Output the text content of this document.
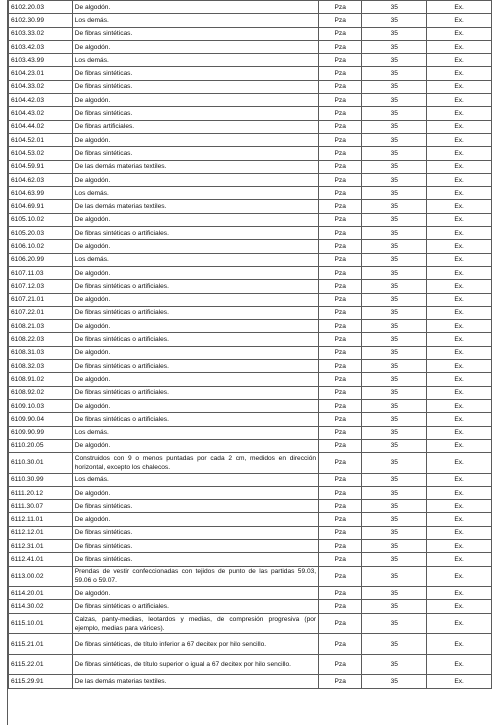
6102.20.03	De algodón.	Pza	35	Ex.
6102.30.99	Los demás.	Pza	35	Ex.
6103.33.02	De fibras sintéticas.	Pza	35	Ex.
6103.42.03	De algodón.	Pza	35	Ex.
6103.43.99	Los demás.	Pza	35	Ex.
6104.23.01	De fibras sintéticas.	Pza	35	Ex.
6104.33.02	De fibras sintéticas.	Pza	35	Ex.
6104.42.03	De algodón.	Pza	35	Ex.
6104.43.02	De fibras sintéticas.	Pza	35	Ex.
6104.44.02	De fibras artificiales.	Pza	35	Ex.
6104.52.01	De algodón.	Pza	35	Ex.
6104.53.02	De fibras sintéticas.	Pza	35	Ex.
6104.59.91	De las demás materias textiles.	Pza	35	Ex.
6104.62.03	De algodón.	Pza	35	Ex.
6104.63.99	Los demás.	Pza	35	Ex.
6104.69.91	De las demás materias textiles.	Pza	35	Ex.
6105.10.02	De algodón.	Pza	35	Ex.
6105.20.03	De fibras sintéticas o artificiales.	Pza	35	Ex.
6106.10.02	De algodón.	Pza	35	Ex.
6106.20.99	Los demás.	Pza	35	Ex.
6107.11.03	De algodón.	Pza	35	Ex.
6107.12.03	De fibras sintéticas o artificiales.	Pza	35	Ex.
6107.21.01	De algodón.	Pza	35	Ex.
6107.22.01	De fibras sintéticas o artificiales.	Pza	35	Ex.
6108.21.03	De algodón.	Pza	35	Ex.
6108.22.03	De fibras sintéticas o artificiales.	Pza	35	Ex.
6108.31.03	De algodón.	Pza	35	Ex.
6108.32.03	De fibras sintéticas o artificiales.	Pza	35	Ex.
6108.91.02	De algodón.	Pza	35	Ex.
6108.92.02	De fibras sintéticas o artificiales.	Pza	35	Ex.
6109.10.03	De algodón.	Pza	35	Ex.
6109.90.04	De fibras sintéticas o artificiales.	Pza	35	Ex.
6109.90.99	Los demás.	Pza	35	Ex.
6110.20.05	De algodón.	Pza	35	Ex.
6110.30.01	Construidos con 9 o menos puntadas por cada 2 cm, medidos en dirección horizontal, excepto los chalecos.	Pza	35	Ex.
6110.30.99	Los demás.	Pza	35	Ex.
6111.20.12	De algodón.	Pza	35	Ex.
6111.30.07	De fibras sintéticas.	Pza	35	Ex.
6112.11.01	De algodón.	Pza	35	Ex.
6112.12.01	De fibras sintéticas.	Pza	35	Ex.
6112.31.01	De fibras sintéticas.	Pza	35	Ex.
6112.41.01	De fibras sintéticas.	Pza	35	Ex.
6113.00.02	Prendas de vestir confeccionadas con tejidos de punto de las partidas 59.03, 59.06 o 59.07.	Pza	35	Ex.
6114.20.01	De algodón.	Pza	35	Ex.
6114.30.02	De fibras sintéticas o artificiales.	Pza	35	Ex.
6115.10.01	Calzas, panty-medias, leotardos y medias, de compresión progresiva (por ejemplo, medias para várices).	Pza	35	Ex.
6115.21.01	De fibras sintéticas, de título inferior a 67 decitex por hilo sencillo.	Pza	35	Ex.
6115.22.01	De fibras sintéticas, de título superior o igual a 67 decitex por hilo sencillo.	Pza	35	Ex.
6115.29.91	De las demás materias textiles.	Pza	35	Ex.
